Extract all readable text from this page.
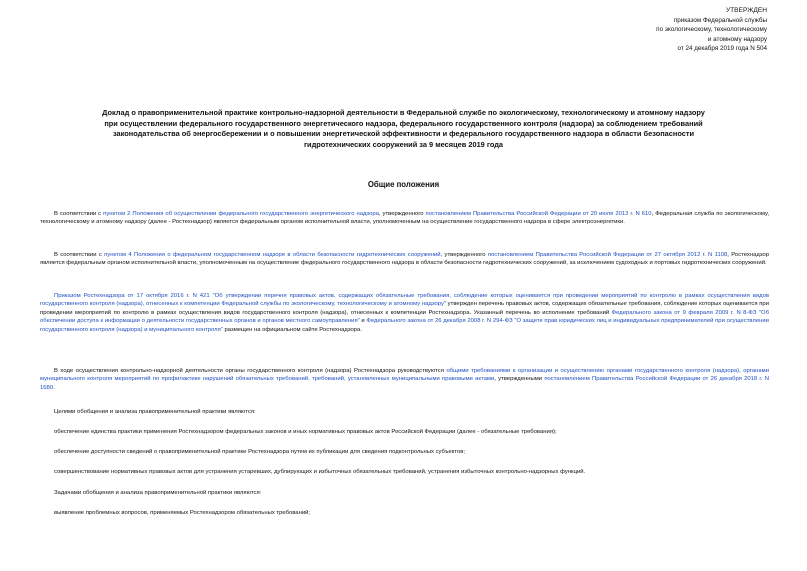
УТВЕРЖДЕН
приказом Федеральной службы
по экологическому, технологическому
и атомному надзору
от 24 декабря 2019 года N 504
Доклад о правоприменительной практике контрольно-надзорной деятельности в Федеральной службе по экологическому, технологическому и атомному надзору
при осуществлении федерального государственного энергетического надзора, федерального государственного контроля (надзора) за соблюдением требований
законодательства об энергосбережении и о повышении энергетической эффективности и федерального государственного надзора в области безопасности
гидротехнических сооружений за 9 месяцев 2019 года
Общие положения

В соответствии с пунктом 2 Положения об осуществлении федерального государственного энергетического надзора, утвержденного постановлением Правительства Российской Федерации от 20 июля 2013 г. N 610, Федеральная служба по экологическому, технологическому и атомному надзору (далее - Ростехнадзор) является федеральным органом исполнительной власти, уполномоченным на осуществление государственного надзора в сфере электроэнергетики.

В соответствии с пунктом 4 Положения о федеральном государственном надзоре в области безопасности гидротехнических сооружений, утвержденного постановлением Правительства Российской Федерации от 27 октября 2012 г. N 1108, Ростехнадзор является федеральным органом исполнительной власти, уполномоченным на осуществление федерального государственного надзора в области безопасности гидротехнических сооружений, за исключением судоходных и портовых гидротехнических сооружений.

Приказом Ростехнадзора от 17 октября 2016 г. N 421 "Об утверждении перечня правовых актов, содержащих обязательные требования, соблюдение которых оценивается при проведении мероприятий по контролю в рамках осуществления видов государственного контроля (надзора), отнесенных к компетенции Федеральной службы по экологическому, технологическому и атомному надзору" утвержден перечень правовых актов, содержащих обязательные требования, соблюдение которых оценивается при проведении мероприятий по контролю в рамках осуществления видов государственного контроля (надзора), отнесенных к компетенции Ростехнадзора. Указанный перечень во исполнение требований Федерального закона от 9 февраля 2009 г. N 8-ФЗ "Об обеспечении доступа к информации о деятельности государственных органов и органов местного самоуправления" и Федерального закона от 26 декабря 2008 г. N 294-ФЗ "О защите прав юридических лиц и индивидуальных предпринимателей при осуществлении государственного контроля (надзора) и муниципального контроля" размещен на официальном сайте Ростехнадзора.

В ходе осуществления контрольно-надзорной деятельности органы государственного контроля (надзора) Ростехнадзора руководствуются общими требованиями к организации и осуществлению органами государственного контроля (надзора), органами муниципального контроля мероприятий по профилактике нарушений обязательных требований, требований, установленных муниципальными правовыми актами, утвержденными постановлением Правительства Российской Федерации от 26 декабря 2018 г. N 1680.

Целями обобщения и анализа правоприменительной практики являются:

обеспечение единства практики применения Ростехнадзором федеральных законов и иных нормативных правовых актов Российской Федерации (далее - обязательные требования);

обеспечение доступности сведений о правоприменительной практике Ростехнадзора путем их публикации для сведения подконтрольных субъектов;

совершенствование нормативных правовых актов для устранения устаревших, дублирующих и избыточных обязательных требований, устранения избыточных контрольно-надзорных функций.

Задачами обобщения и анализа правоприменительной практики являются:

выявление проблемных вопросов, применяемых Ростехнадзором обязательных требований;
